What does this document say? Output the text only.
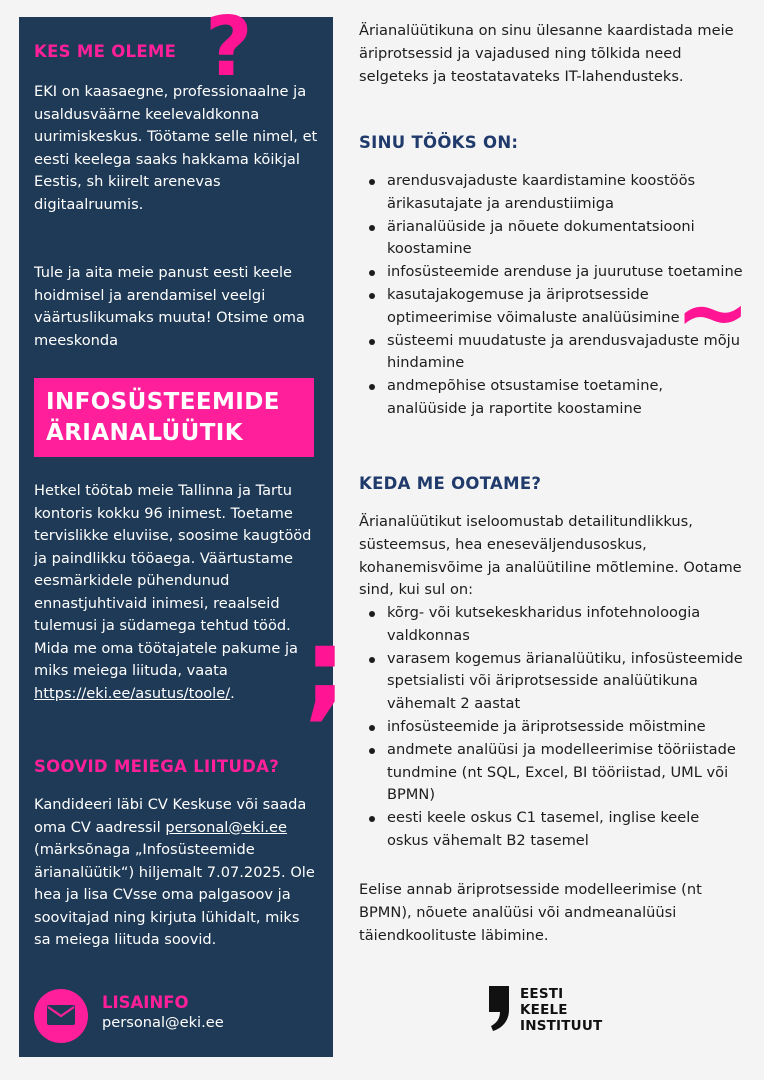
?
KES ME OLEME

EKI on kaasaegne, professionaalne ja usaldusväärne keelevaldkonna uurimiskeskus. Töötame selle nimel, et eesti keelega saaks hakkama kõikjal Eestis, sh kiirelt arenevas digitaalruumis.

Tule ja aita meie panust eesti keele hoidmisel ja arendamisel veelgi väärtuslikumaks muuta! Otsime oma meeskonda

INFOSÜSTEEMIDE
ÄRIANALÜÜTIK

Hetkel töötab meie Tallinna ja Tartu kontoris kokku 96 inimest. Toetame tervislikke eluviise, soosime kaugtööd ja paindlikku tööaega. Väärtustame eesmärkidele pühendunud ennastjuhtivaid inimesi, reaalseid tulemusi ja südamega tehtud tööd. Mida me oma töötajatele pakume ja miks meiega liituda, vaata https://eki.ee/asutus/toole/. ;
SOOVID MEIEGA LIITUDA?

Kandideeri läbi CV Keskuse või saada oma CV aadressil personal@eki.ee (märksõnaga „Infosüsteemide ärianalüütik“) hiljemalt 7.07.2025. Ole hea ja lisa CVsse oma palgasoov ja soovitajad ning kirjuta lühidalt, miks sa meiega liituda soovid.

LISAINFO
personal@eki.ee

Ärianalüütikuna on sinu ülesanne kaardistada meie äriprotsessid ja vajadused ning tõlkida need selgeteks ja teostatavateks IT-lahendusteks.

SINU TÖÖKS ON:
arendusvajaduste kaardistamine koostöös ärikasutajate ja arendustiimiga
ärianalüüside ja nõuete dokumentatsiooni koostamine
infosüsteemide arenduse ja juurutuse toetamine
kasutajakogemuse ja äriprotsesside optimeerimise võimaluste analüüsimine
süsteemi muudatuste ja arendusvajaduste mõju hindamine
andmepõhise otsustamise toetamine, analüüside ja raportite koostamine
KEDA ME OOTAME?

Ärianalüütikut iseloomustab detailitundlikkus, süsteemsus, hea eneseväljendusoskus, kohanemisvõime ja analüütiline mõtlemine. Ootame sind, kui sul on:

kõrg- või kutsekeskharidus infotehnoloogia valdkonnas
varasem kogemus ärianalüütiku, infosüsteemide spetsialisti või äriprotsesside analüütikuna vähemalt 2 aastat
infosüsteemide ja äriprotsesside mõistmine
andmete analüüsi ja modelleerimise tööriistade tundmine (nt SQL, Excel, BI tööriistad, UML või BPMN)
eesti keele oskus C1 tasemel, inglise keele oskus vähemalt B2 tasemel

Eelise annab äriprotsesside modelleerimise (nt BPMN), nõuete analüüsi või andmeanalüüsi täiendkoolituste läbimine.

~
EESTI
KEELE
INSTITUUT
